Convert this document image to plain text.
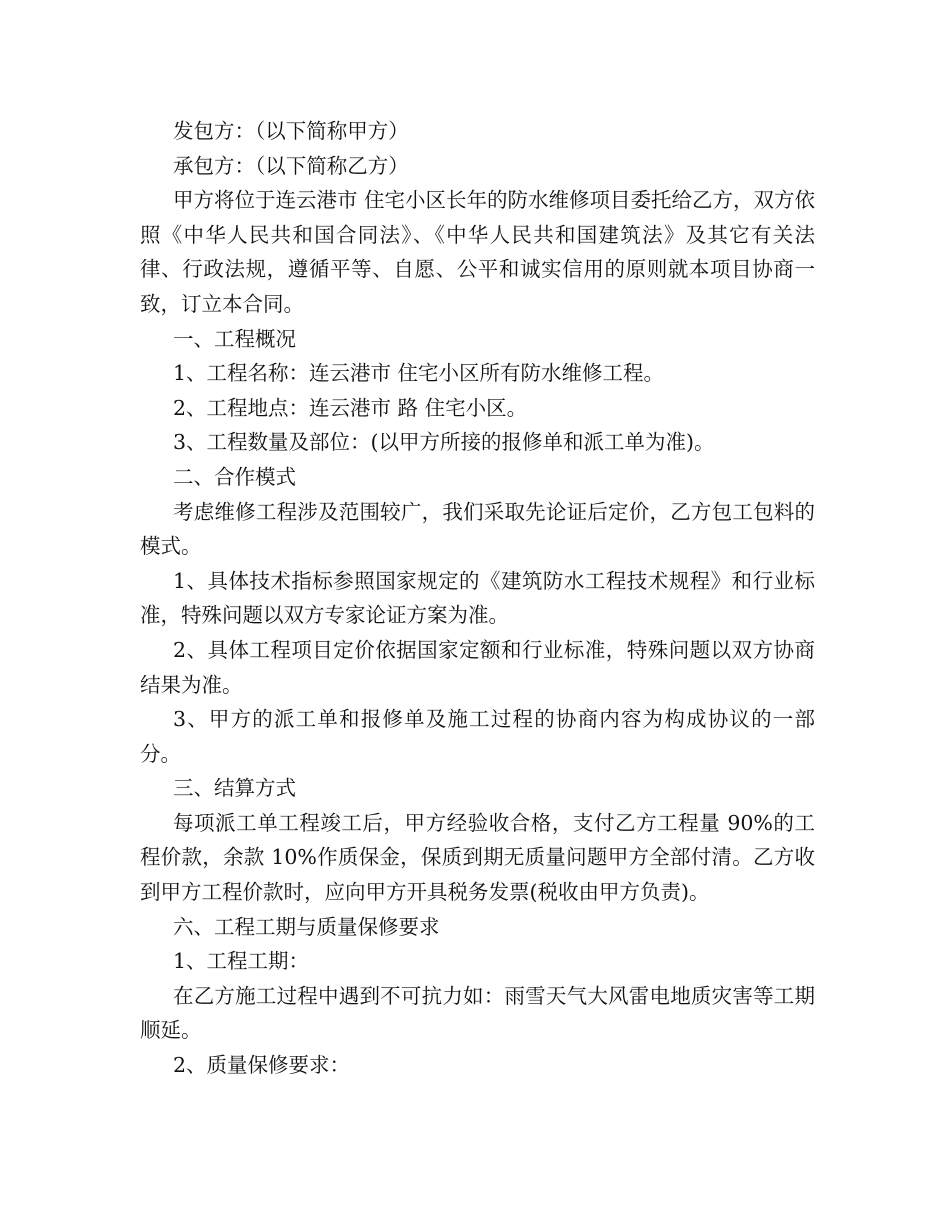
发包方：（以下简称甲方）

承包方：（以下简称乙方）

甲方将位于连云港市 住宅小区长年的防水维修项目委托给乙方，双方依照《中华人民共和国合同法》、《中华人民共和国建筑法》及其它有关法律、行政法规，遵循平等、自愿、公平和诚实信用的原则就本项目协商一致，订立本合同。

一、工程概况

1、工程名称：连云港市 住宅小区所有防水维修工程。

2、工程地点：连云港市 路 住宅小区。

3、工程数量及部位：(以甲方所接的报修单和派工单为准)。

二、合作模式

考虑维修工程涉及范围较广，我们采取先论证后定价，乙方包工包料的模式。

1、具体技术指标参照国家规定的《建筑防水工程技术规程》和行业标准，特殊问题以双方专家论证方案为准。

2、具体工程项目定价依据国家定额和行业标准，特殊问题以双方协商结果为准。

3、甲方的派工单和报修单及施工过程的协商内容为构成协议的一部分。

三、结算方式

每项派工单工程竣工后，甲方经验收合格，支付乙方工程量 90%的工程价款，余款 10%作质保金，保质到期无质量问题甲方全部付清。乙方收到甲方工程价款时，应向甲方开具税务发票(税收由甲方负责)。

六、工程工期与质量保修要求

1、工程工期：

在乙方施工过程中遇到不可抗力如：雨雪天气大风雷电地质灾害等工期顺延。

2、质量保修要求：
